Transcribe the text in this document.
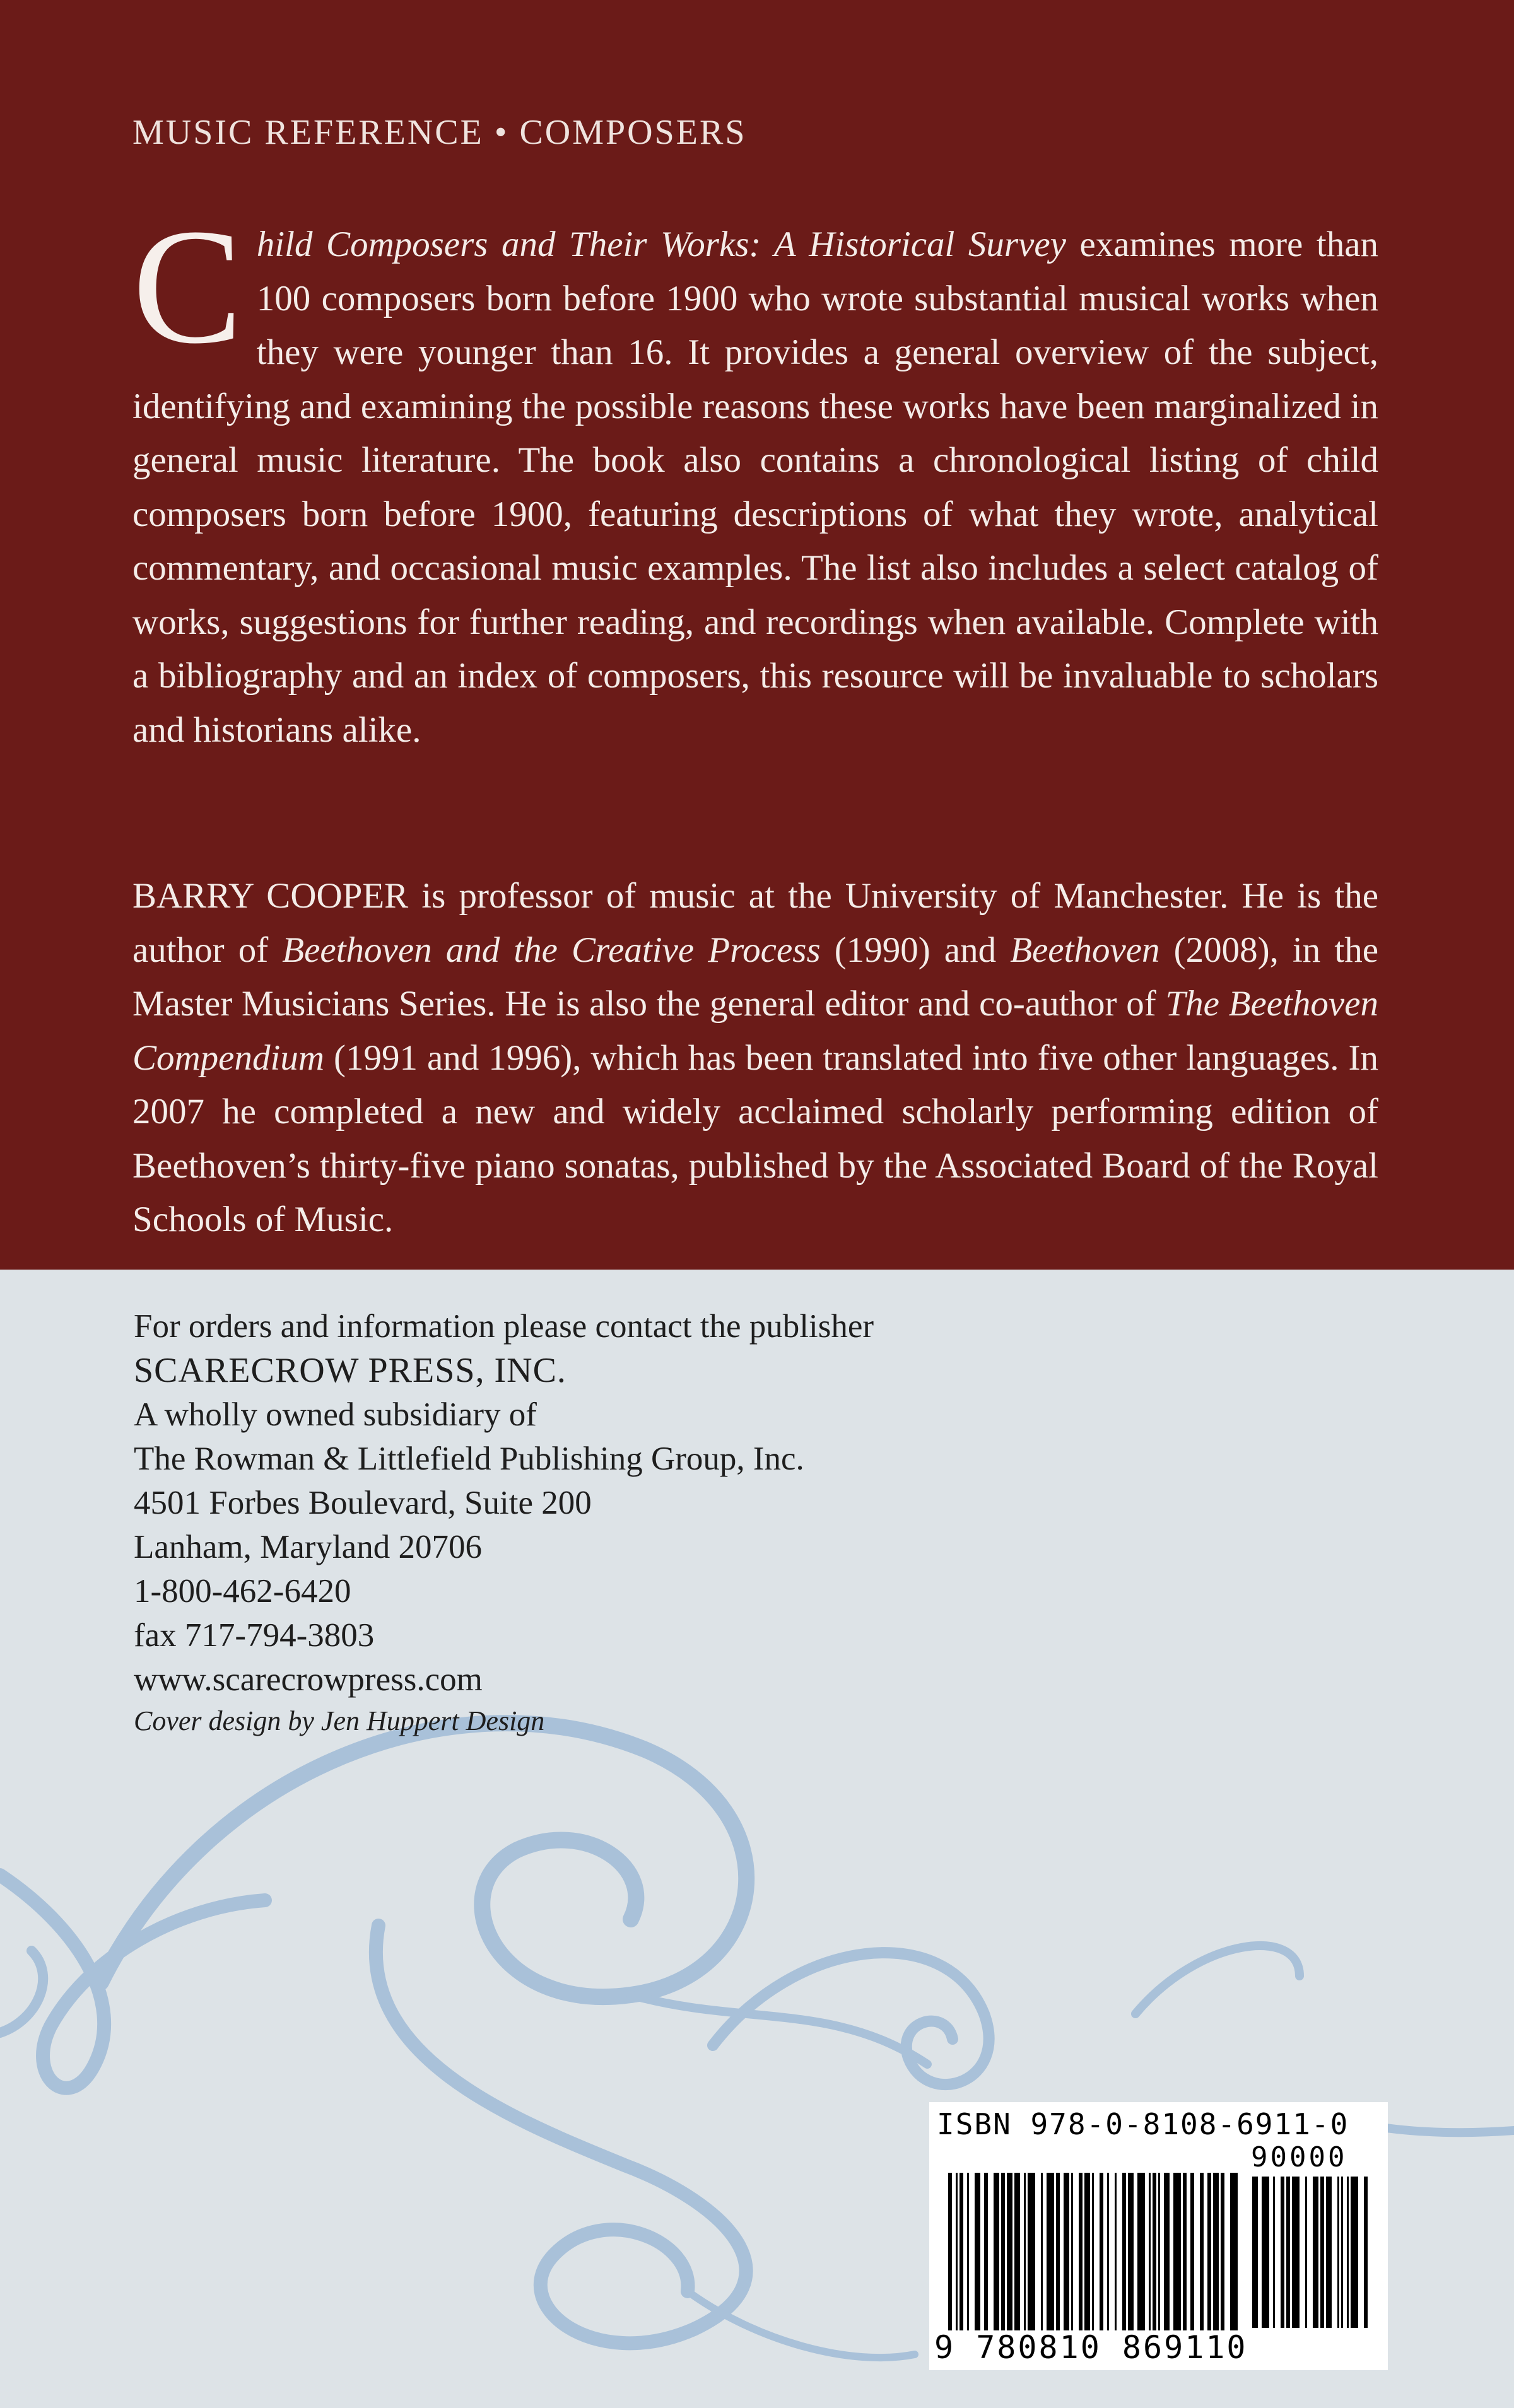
MUSIC REFERENCE • COMPOSERS
Child Composers and Their Works: A Historical Survey examines more than 100 composers born before 1900 who wrote substantial musical works when they were younger than 16. It provides a general overview of the subject, identifying and examining the possible reasons these works have been marginalized in general music literature. The book also contains a chronological listing of child composers born before 1900, featuring descriptions of what they wrote, analytical commentary, and occasional music examples. The list also includes a select catalog of works, suggestions for further reading, and recordings when available. Complete with a bibliography and an index of composers, this resource will be invaluable to scholars and historians alike.
BARRY COOPER is professor of music at the University of Manchester. He is the author of Beethoven and the Creative Process (1990) and Beethoven (2008), in the Master Musicians Series. He is also the general editor and co-author of The Beethoven Compendium (1991 and 1996), which has been translated into five other languages. In 2007 he completed a new and widely acclaimed scholarly performing edition of Beethoven’s thirty-five piano sonatas, published by the Associated Board of the Royal Schools of Music.
For orders and information please contact the publisher
SCARECROW PRESS, INC.
A wholly owned subsidiary of
The Rowman & Littlefield Publishing Group, Inc.
4501 Forbes Boulevard, Suite 200
Lanham, Maryland 20706
1-800-462-6420
fax 717-794-3803
www.scarecrowpress.com
Cover design by Jen Huppert Design
ISBN 978-0-8108-6911-0
90000
9 780810 869110
